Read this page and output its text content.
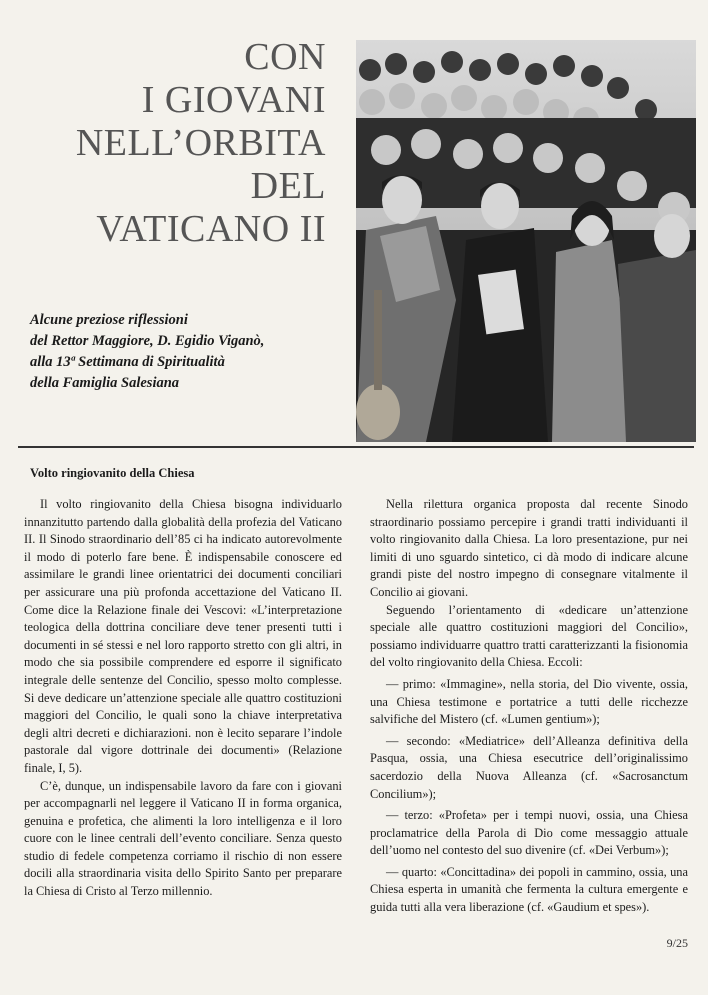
CON
I GIOVANI
NELL’ORBITA
DEL
VATICANO II
Alcune preziose riflessioni
del Rettor Maggiore, D. Egidio Viganò,
alla 13ª Settimana di Spiritualità
della Famiglia Salesiana
Volto ringiovanito della Chiesa

Il volto ringiovanito della Chiesa bisogna individuarlo innanzitutto partendo dalla globalità della profezia del Vaticano II. Il Sinodo straordinario dell’85 ci ha indicato autorevolmente il modo di poterlo fare bene. È indispensabile conoscere ed assimilare le grandi linee orientatrici dei documenti conciliari per assicurare una più profonda accettazione del Vaticano II. Come dice la Relazione finale dei Vescovi: «L’interpretazione teologica della dottrina conciliare deve tener presenti tutti i documenti in sé stessi e nel loro rapporto stretto con gli altri, in modo che sia possibile comprendere ed esporre il significato integrale delle sentenze del Concilio, spesso molto complesse. Si deve dedicare un’attenzione speciale alle quattro costituzioni maggiori del Concilio, le quali sono la chiave interpretativa degli altri decreti e dichiarazioni. non è lecito separare l’indole pastorale dal vigore dottrinale dei documenti» (Relazione finale, I, 5).

C’è, dunque, un indispensabile lavoro da fare con i giovani per accompagnarli nel leggere il Vaticano II in forma organica, genuina e profetica, che alimenti la loro intelligenza e il loro cuore con le linee centrali dell’evento conciliare. Senza questo studio di fedele competenza corriamo il rischio di non essere docili alla straordinaria visita dello Spirito Santo per preparare la Chiesa di Cristo al Terzo millennio.

Nella rilettura organica proposta dal recente Sinodo straordinario possiamo percepire i grandi tratti individuanti il volto ringiovanito dalla Chiesa. La loro presentazione, pur nei limiti di uno sguardo sintetico, ci dà modo di indicare alcune grandi piste del nostro impegno di consegnare vitalmente il Concilio ai giovani.

Seguendo l’orientamento di «dedicare un’attenzione speciale alle quattro costituzioni maggiori del Concilio», possiamo individuarre quattro tratti caratterizzanti la fisionomia del volto ringiovanito della Chiesa. Eccoli:

— primo: «Immagine», nella storia, del Dio vivente, ossia, una Chiesa testimone e portatrice a tutti delle ricchezze salvifiche del Mistero (cf. «Lumen gentium»);

— secondo: «Mediatrice» dell’Alleanza definitiva della Pasqua, ossia, una Chiesa esecutrice dell’originalissimo sacerdozio della Nuova Alleanza (cf. «Sacrosanctum Concilium»);

— terzo: «Profeta» per i tempi nuovi, ossia, una Chiesa proclamatrice della Parola di Dio come messaggio attuale dell’uomo nel contesto del suo divenire (cf. «Dei Verbum»);

— quarto: «Concittadina» dei popoli in cammino, ossia, una Chiesa esperta in umanità che fermenta la cultura emergente e guida tutti alla vera liberazione (cf. «Gaudium et spes»).

9/25
